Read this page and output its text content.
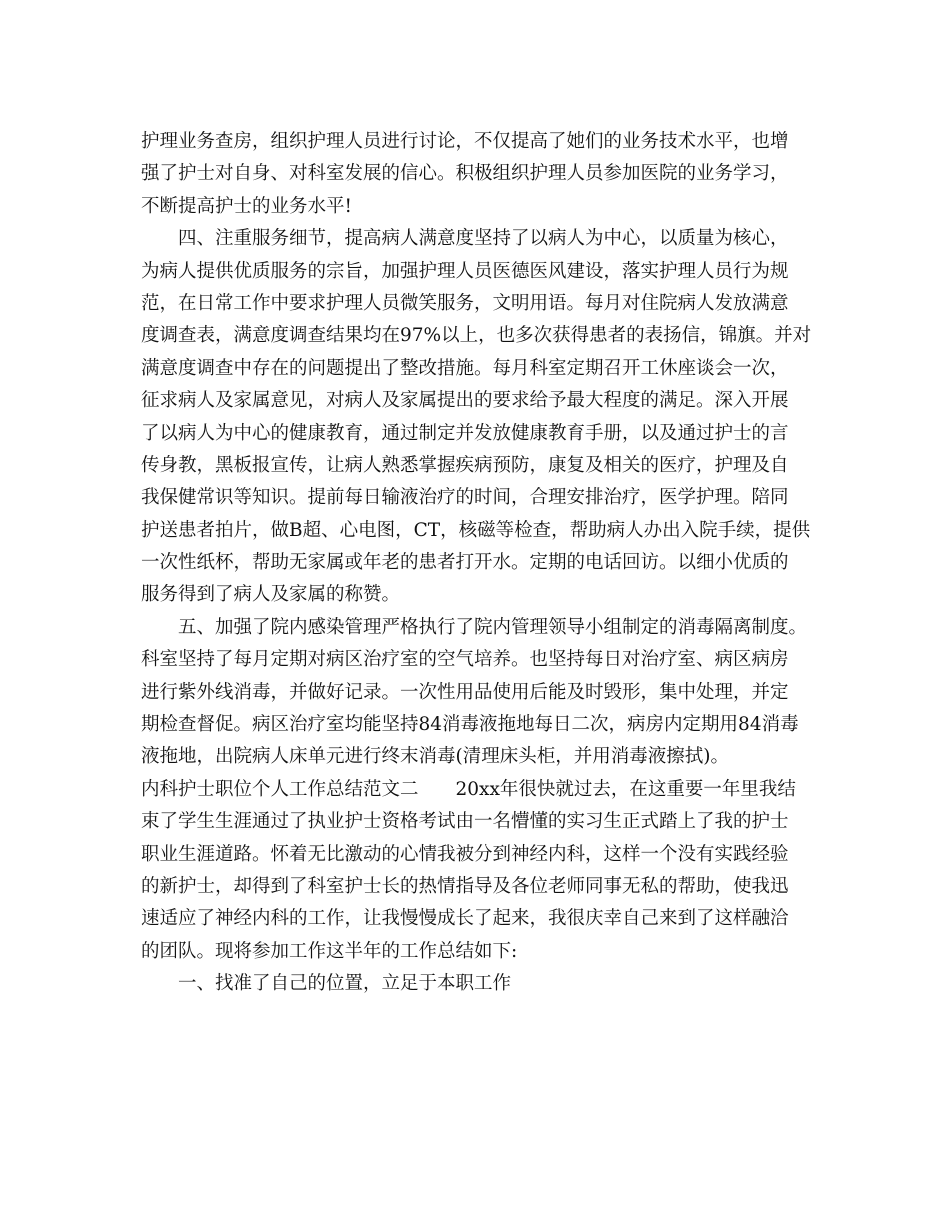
护理业务查房，组织护理人员进行讨论，不仅提高了她们的业务技术水平，也增
强了护士对自身、对科室发展的信心。积极组织护理人员参加医院的业务学习，
不断提高护士的业务水平!
四、注重服务细节，提高病人满意度坚持了以病人为中心，以质量为核心，
为病人提供优质服务的宗旨，加强护理人员医德医风建设，落实护理人员行为规
范，在日常工作中要求护理人员微笑服务，文明用语。每月对住院病人发放满意
度调查表，满意度调查结果均在97%以上，也多次获得患者的表扬信，锦旗。并对
满意度调查中存在的问题提出了整改措施。每月科室定期召开工休座谈会一次，
征求病人及家属意见，对病人及家属提出的要求给予最大程度的满足。深入开展
了以病人为中心的健康教育，通过制定并发放健康教育手册，以及通过护士的言
传身教，黑板报宣传，让病人熟悉掌握疾病预防，康复及相关的医疗，护理及自
我保健常识等知识。提前每日输液治疗的时间，合理安排治疗，医学护理。陪同
护送患者拍片，做B超、心电图，CT，核磁等检查，帮助病人办出入院手续，提供
一次性纸杯，帮助无家属或年老的患者打开水。定期的电话回访。以细小优质的
服务得到了病人及家属的称赞。
五、加强了院内感染管理严格执行了院内管理领导小组制定的消毒隔离制度。
科室坚持了每月定期对病区治疗室的空气培养。也坚持每日对治疗室、病区病房
进行紫外线消毒，并做好记录。一次性用品使用后能及时毁形，集中处理，并定
期检查督促。病区治疗室均能坚持84消毒液拖地每日二次，病房内定期用84消毒
液拖地，出院病人床单元进行终末消毒(清理床头柜，并用消毒液擦拭)。
内科护士职位个人工作总结范文二　　20xx年很快就过去，在这重要一年里我结
束了学生生涯通过了执业护士资格考试由一名懵懂的实习生正式踏上了我的护士
职业生涯道路。怀着无比激动的心情我被分到神经内科，这样一个没有实践经验
的新护士，却得到了科室护士长的热情指导及各位老师同事无私的帮助，使我迅
速适应了神经内科的工作，让我慢慢成长了起来，我很庆幸自己来到了这样融洽
的团队。现将参加工作这半年的工作总结如下:
一、找准了自己的位置，立足于本职工作
